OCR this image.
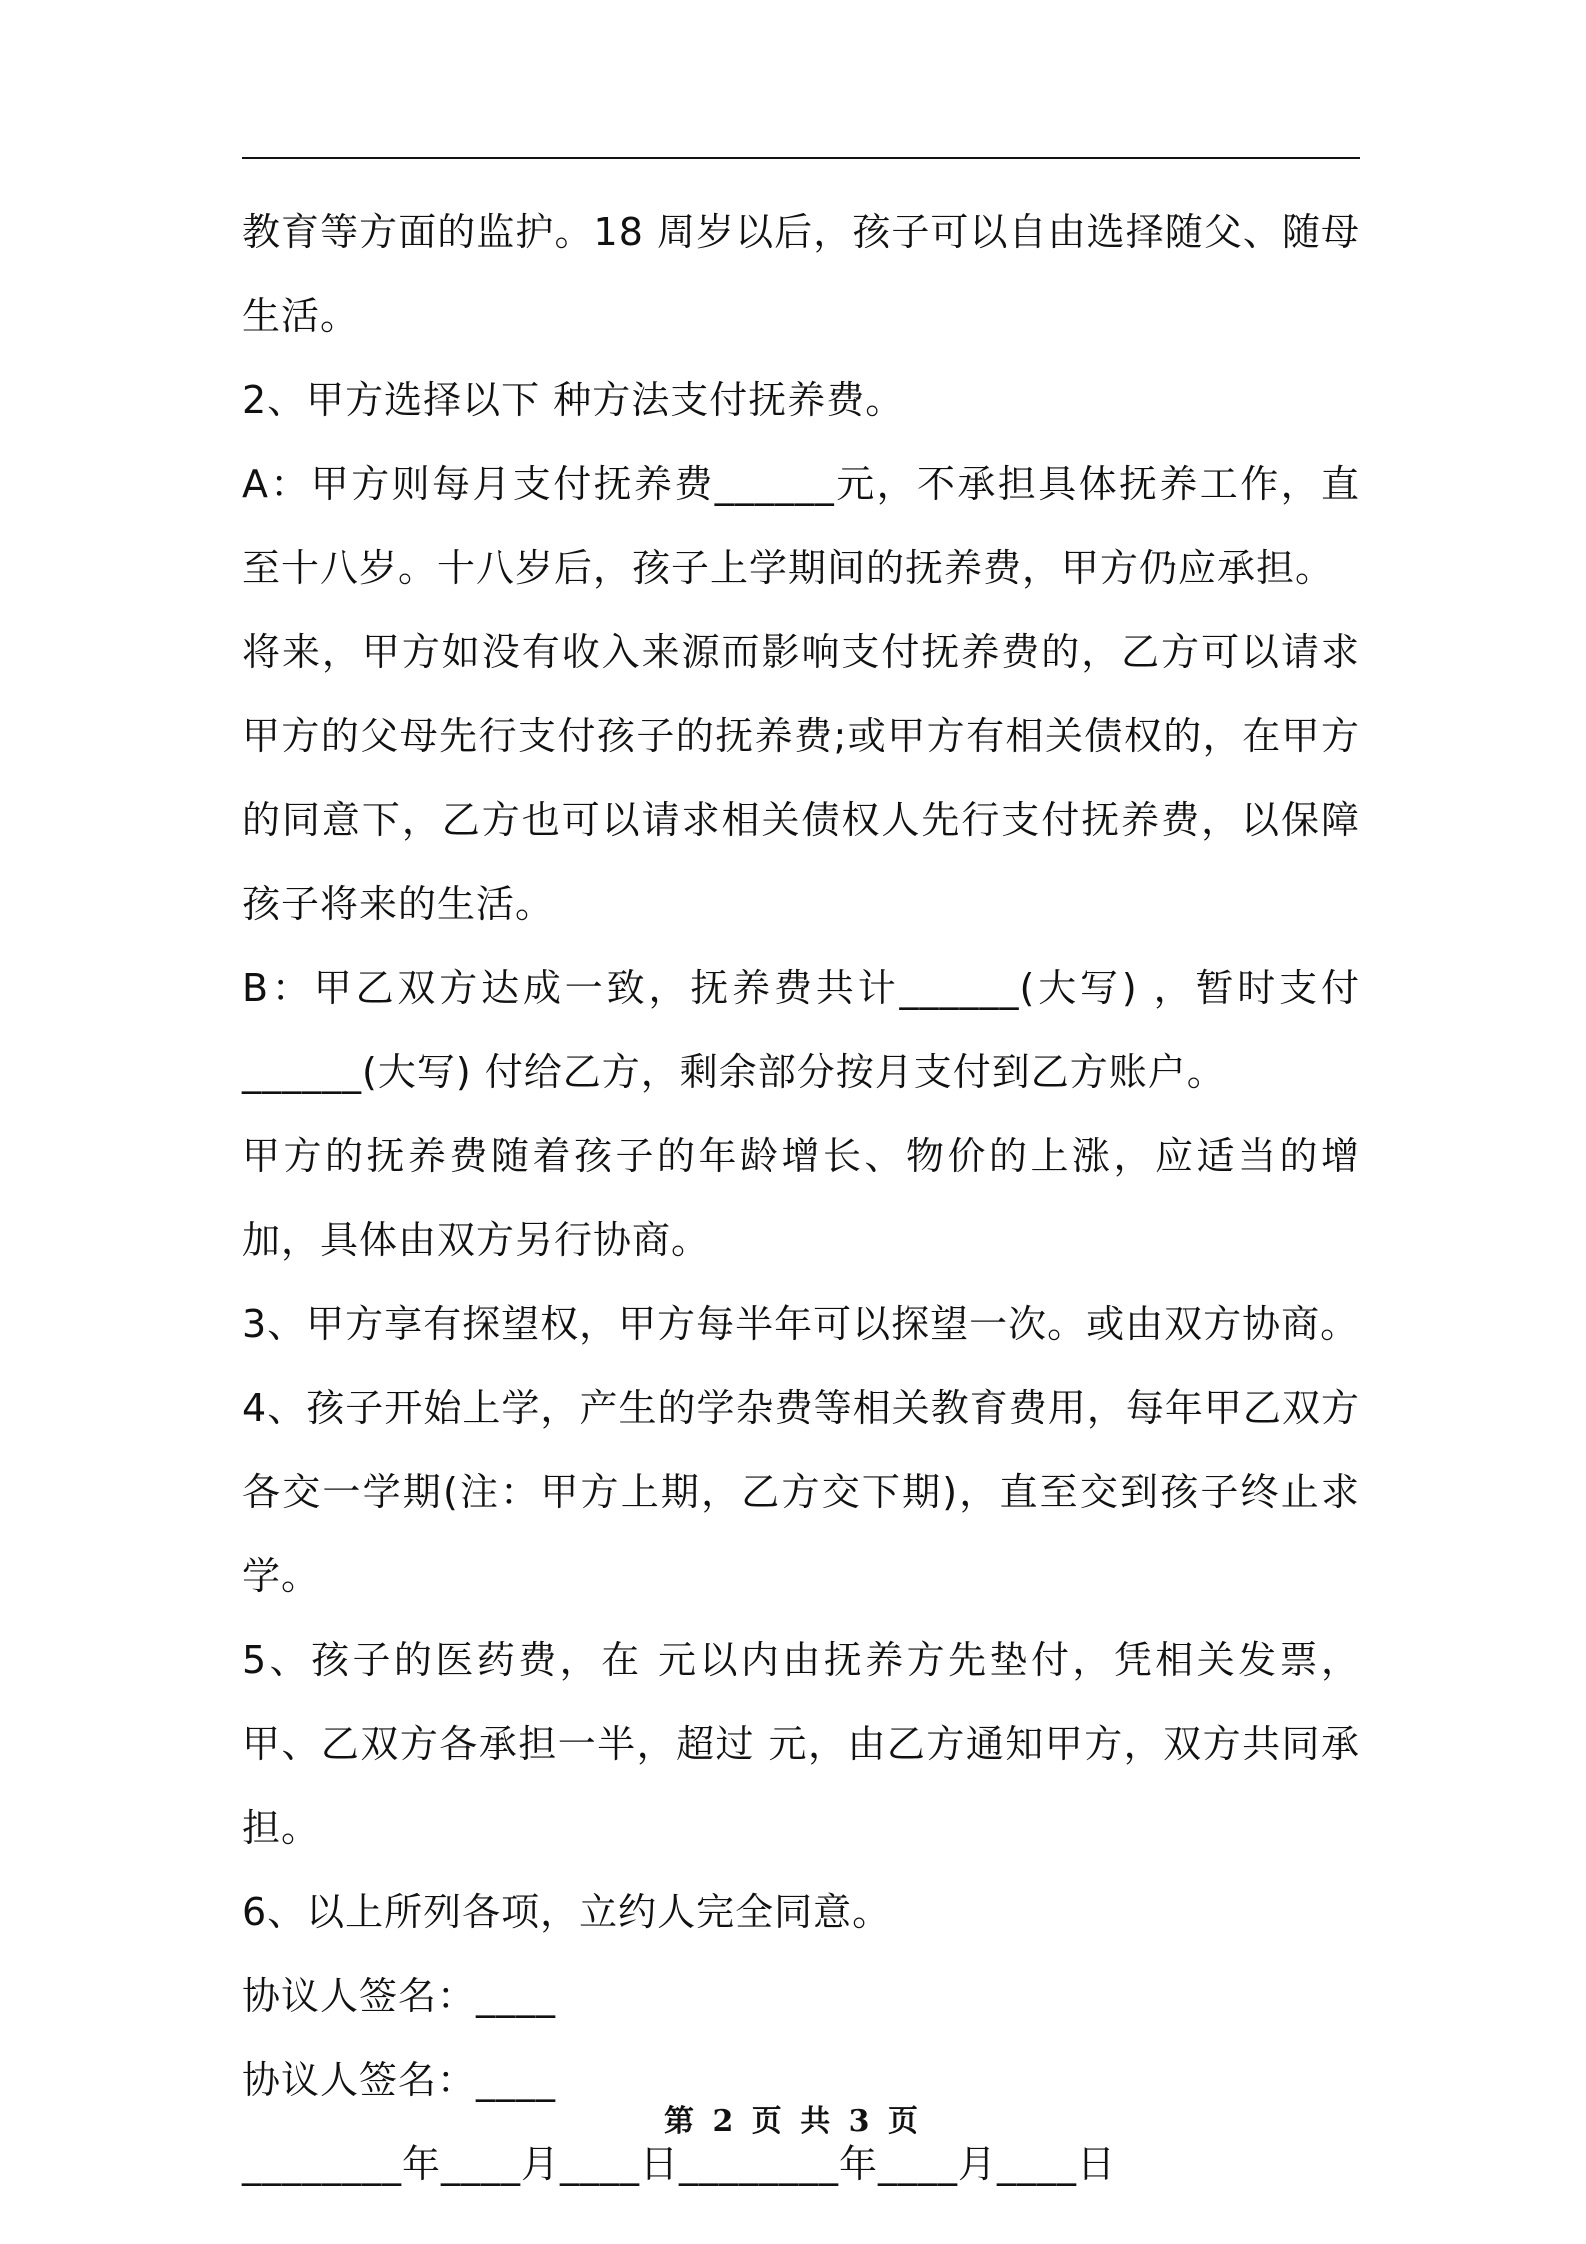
教育等方面的监护。18 周岁以后，孩子可以自由选择随父、随母生活。

2、甲方选择以下 种方法支付抚养费。

A：甲方则每月支付抚养费______元，不承担具体抚养工作，直至十八岁。十八岁后，孩子上学期间的抚养费，甲方仍应承担。

将来，甲方如没有收入来源而影响支付抚养费的，乙方可以请求甲方的父母先行支付孩子的抚养费;或甲方有相关债权的，在甲方的同意下，乙方也可以请求相关债权人先行支付抚养费，以保障孩子将来的生活。

B：甲乙双方达成一致，抚养费共计______(大写) ，暂时支付______(大写) 付给乙方，剩余部分按月支付到乙方账户。

甲方的抚养费随着孩子的年龄增长、物价的上涨，应适当的增加，具体由双方另行协商。

3、甲方享有探望权，甲方每半年可以探望一次。或由双方协商。

4、孩子开始上学，产生的学杂费等相关教育费用，每年甲乙双方各交一学期(注：甲方上期，乙方交下期)，直至交到孩子终止求学。

5、孩子的医药费，在 元以内由抚养方先垫付，凭相关发票，甲、乙双方各承担一半，超过 元，由乙方通知甲方，双方共同承担。

6、以上所列各项，立约人完全同意。

协议人签名：____

协议人签名：____

________年____月____日________年____月____日

第 2 页 共 3 页
